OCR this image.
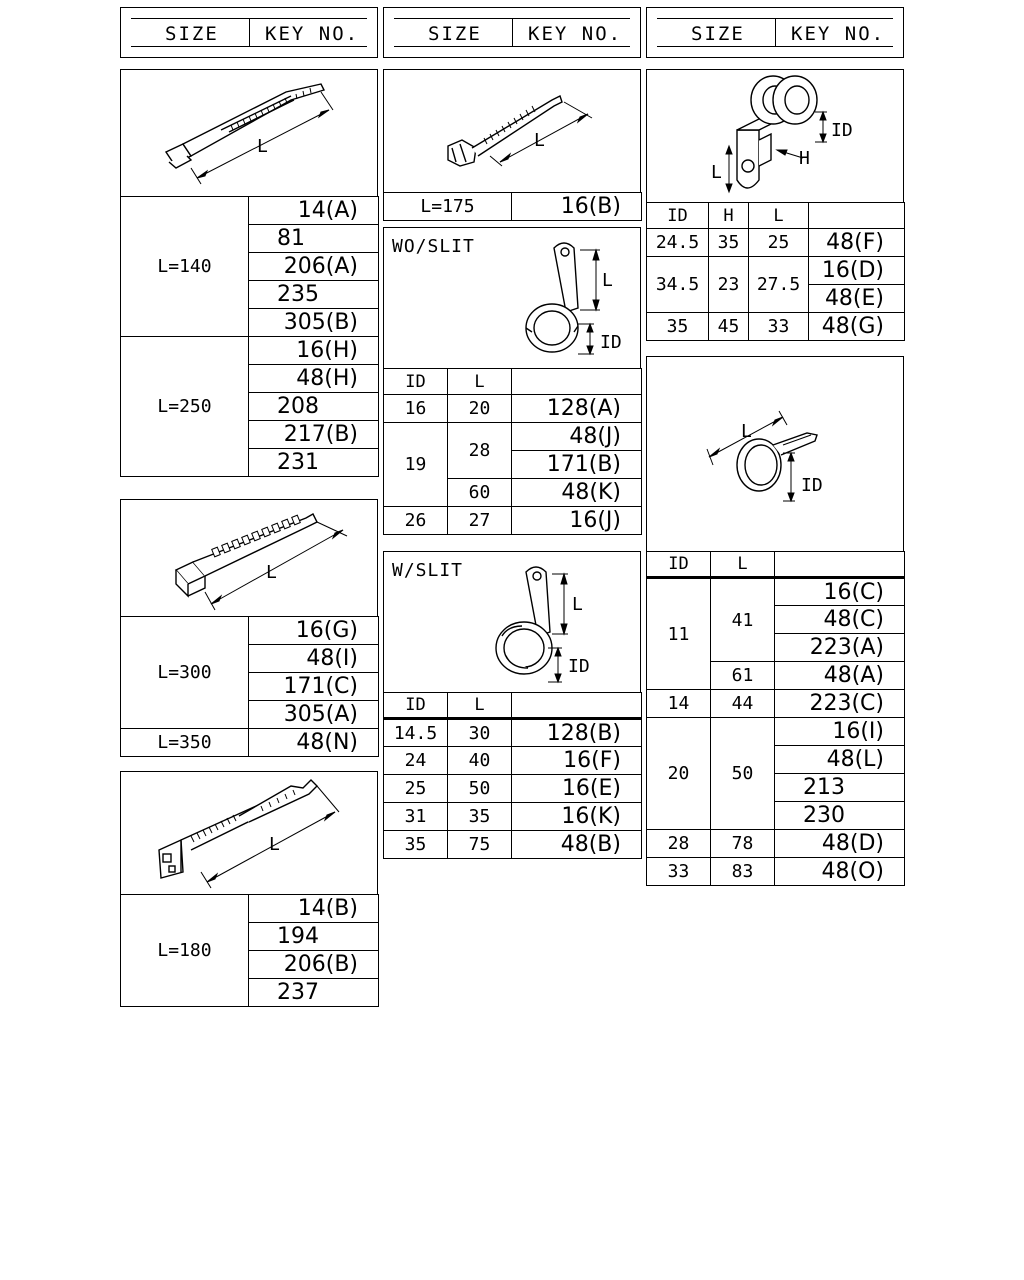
SIZE KEY NO.	SIZE KEY NO.	SIZE KEY NO.
L
L=140	14(A)
	81
	206(A)
	235
	305(B)
L=250	16(H)
	48(H)
	208
	217(B)
	231
L
L=300	16(G)
	48(I)
	171(C)
	305(A)
L=350	48(N)
L
L=180	14(B)
194
206(B)
237
L
L=175	16(B)
WO/SLIT
L
ID
ID	L	
16	20	128(A)
19	28	48(J)
		171(B)
	60	48(K)
26	27	16(J)
W/SLIT
L
ID
ID	L	
14.5	30	128(B)
24	40	16(F)
25	50	16(E)
31	35	16(K)
35	75	48(B)
ID
H
L
ID	H	L	
24.5	35	25	48(F)
34.5	23	27.5	16(D)
			48(E)
35	45	33	48(G)
L
ID
ID	L	
11	41	16(C)
		48(C)
		223(A)
	61	48(A)
14	44	223(C)
20	50	16(I)
		48(L)
		213
		230
28	78	48(D)
33	83	48(O)
